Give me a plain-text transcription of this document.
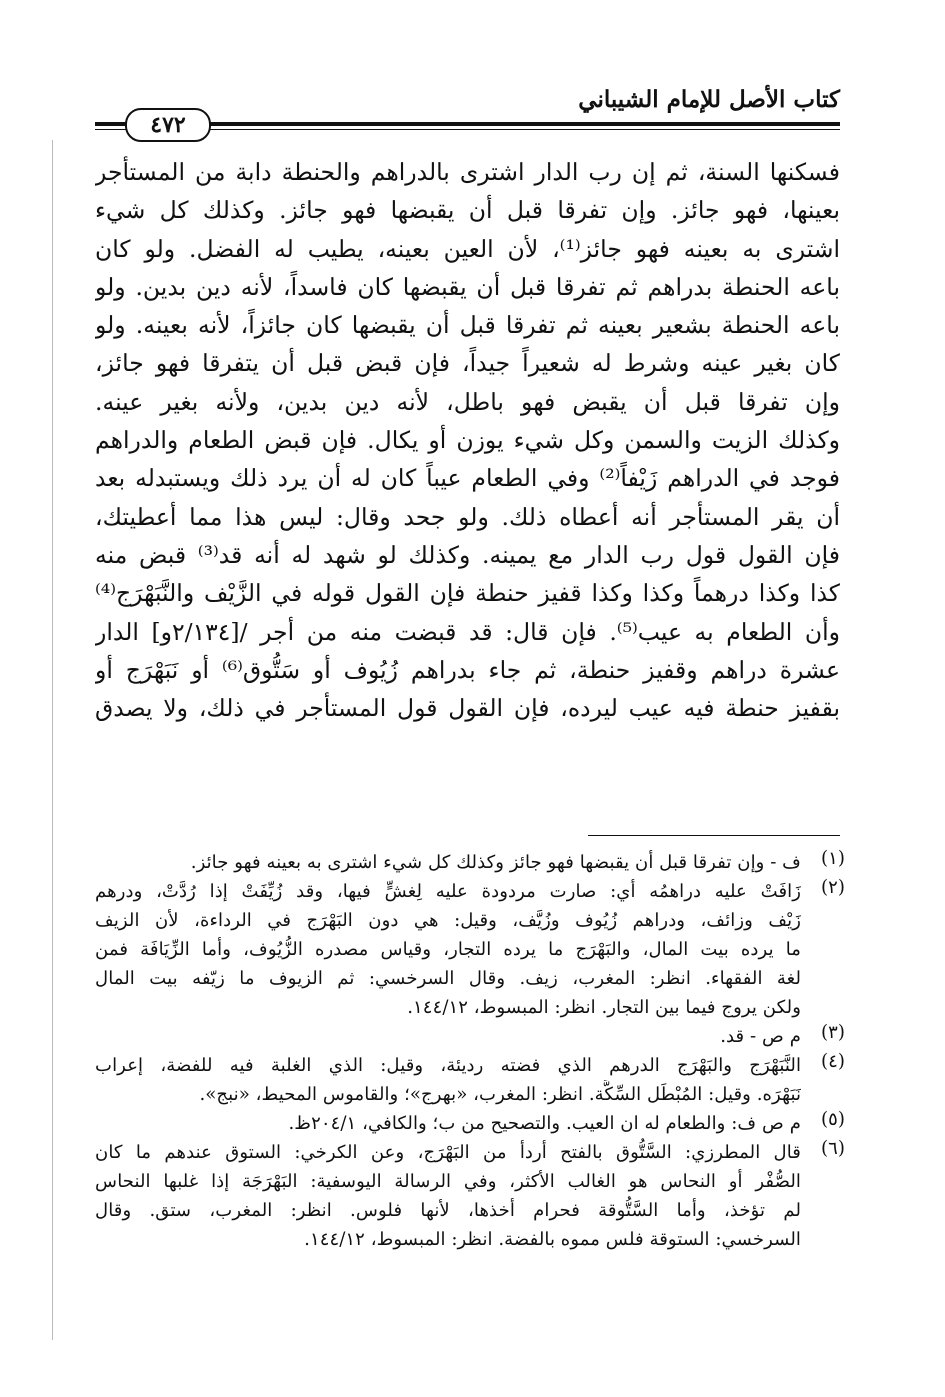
كتاب الأصل للإمام الشيباني
٤٧٢
فسكنها السنة، ثم إن رب الدار اشترى بالدراهم والحنطة دابة من المستأجر
بعينها، فهو جائز. وإن تفرقا قبل أن يقبضها فهو جائز. وكذلك كل شيء
اشترى به بعينه فهو جائز⁽¹⁾، لأن العين بعينه، يطيب له الفضل. ولو كان
باعه الحنطة بدراهم ثم تفرقا قبل أن يقبضها كان فاسداً، لأنه دين بدين. ولو
باعه الحنطة بشعير بعينه ثم تفرقا قبل أن يقبضها كان جائزاً، لأنه بعينه. ولو
كان بغير عينه وشرط له شعيراً جيداً، فإن قبض قبل أن يتفرقا فهو جائز،
وإن تفرقا قبل أن يقبض فهو باطل، لأنه دين بدين، ولأنه بغير عينه.
وكذلك الزيت والسمن وكل شيء يوزن أو يكال. فإن قبض الطعام والدراهم
فوجد في الدراهم زَيْفاً⁽²⁾ وفي الطعام عيباً كان له أن يرد ذلك ويستبدله بعد
أن يقر المستأجر أنه أعطاه ذلك. ولو جحد وقال: ليس هذا مما أعطيتك،
فإن القول قول رب الدار مع يمينه. وكذلك لو شهد له أنه قد⁽³⁾ قبض منه
كذا وكذا درهماً وكذا وكذا قفيز حنطة فإن القول قوله في الزَّيْف والنَّبَهْرَج⁽⁴⁾
وأن الطعام به عيب⁽⁵⁾. فإن قال: قد قبضت منه من أجر /[٢/١٣٤و] الدار
عشرة دراهم وقفيز حنطة، ثم جاء بدراهم زُيُوف أو سَتُّوق⁽⁶⁾ أو نَبَهْرَج أو
بقفيز حنطة فيه عيب ليرده، فإن القول قول المستأجر في ذلك، ولا يصدق
(١)
ف - وإن تفرقا قبل أن يقبضها فهو جائز وكذلك كل شيء اشترى به بعينه فهو جائز.
(٢)
زَافَتْ عليه دراهمُه أي: صارت مردودة عليه لِغشٍّ فيها، وقد زُيِّفَتْ إذا رُدَّتْ، ودرهم
زَيْف وزائف، ودراهم زُيُوف وزُيَّف، وقيل: هي دون البَهْرَج في الرداءة، لأن الزيف
ما يرده بيت المال، والبَهْرَج ما يرده التجار، وقياس مصدره الزُّيُوف، وأما الزِّيَافَة فمن
لغة الفقهاء. انظر: المغرب، زيف. وقال السرخسي: ثم الزيوف ما زيّفه بيت المال
ولكن يروج فيما بين التجار. انظر: المبسوط، ١٤٤/١٢.
(٣)
م ص - قد.
(٤)
النَّبَهْرَج والبَهْرَج الدرهم الذي فضته رديئة، وقيل: الذي الغلبة فيه للفضة، إعراب
نَبَهْرَه. وقيل: المُبْطَل السِّكَّة. انظر: المغرب، «بهرج»؛ والقاموس المحيط، «نبج».
(٥)
م ص ف: والطعام له ان العيب. والتصحيح من ب؛ والكافي، ٢٠٤/١ظ.
(٦)
قال المطرزي: السَّتُّوق بالفتح أردأ من البَهْرَج، وعن الكرخي: الستوق عندهم ما كان
الصُّفْر أو النحاس هو الغالب الأكثر، وفي الرسالة اليوسفية: البَهْرَجَة إذا غلبها النحاس
لم تؤخذ، وأما السَّتُّوقة فحرام أخذها، لأنها فلوس. انظر: المغرب، ستق. وقال
السرخسي: الستوقة فلس مموه بالفضة. انظر: المبسوط، ١٤٤/١٢.
